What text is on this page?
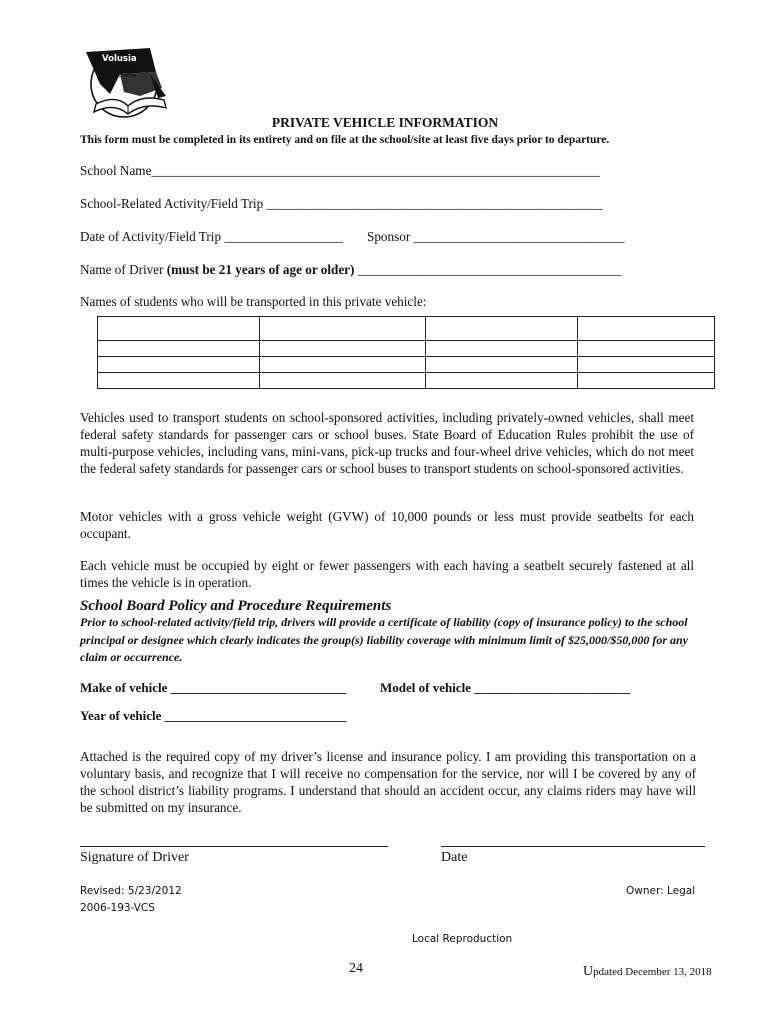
Volusia
County
Schools
PRIVATE VEHICLE INFORMATION
This form must be completed in its entirety and on file at the school/site at least five days prior to departure.
School Name____________________________________________________________________
School-Related Activity/Field Trip ___________________________________________________
Date of Activity/Field Trip __________________ Sponsor ________________________________
Name of Driver (must be 21 years of age or older) ________________________________________
Names of students who will be transported in this private vehicle:

Vehicles used to transport students on school-sponsored activities, including privately-owned vehicles, shall meet federal safety standards for passenger cars or school buses. State Board of Education Rules prohibit the use of multi-purpose vehicles, including vans, mini-vans, pick-up trucks and four-wheel drive vehicles, which do not meet the federal safety standards for passenger cars or school buses to transport students on school-sponsored activities.
Motor vehicles with a gross vehicle weight (GVW) of 10,000 pounds or less must provide seatbelts for each occupant.
Each vehicle must be occupied by eight or fewer passengers with each having a seatbelt securely fastened at all times the vehicle is in operation.
School Board Policy and Procedure Requirements
Prior to school-related activity/field trip, drivers will provide a certificate of liability (copy of insurance policy) to the school principal or designee which clearly indicates the group(s) liability coverage with minimum limit of $25,000/$50,000 for any claim or occurrence.
Make of vehicle ___________________________	Model of vehicle ________________________
Year of vehicle ____________________________
Attached is the required copy of my driver’s license and insurance policy. I am providing this transportation on a voluntary basis, and recognize that I will receive no compensation for the service, nor will I be covered by any of the school district’s liability programs. I understand that should an accident occur, any claims riders may have will be submitted on my insurance.
Signature of Driver	Date
Revised: 5/23/2012
2006-193-VCS
Owner: Legal
Local Reproduction
24	Updated December 13, 2018
